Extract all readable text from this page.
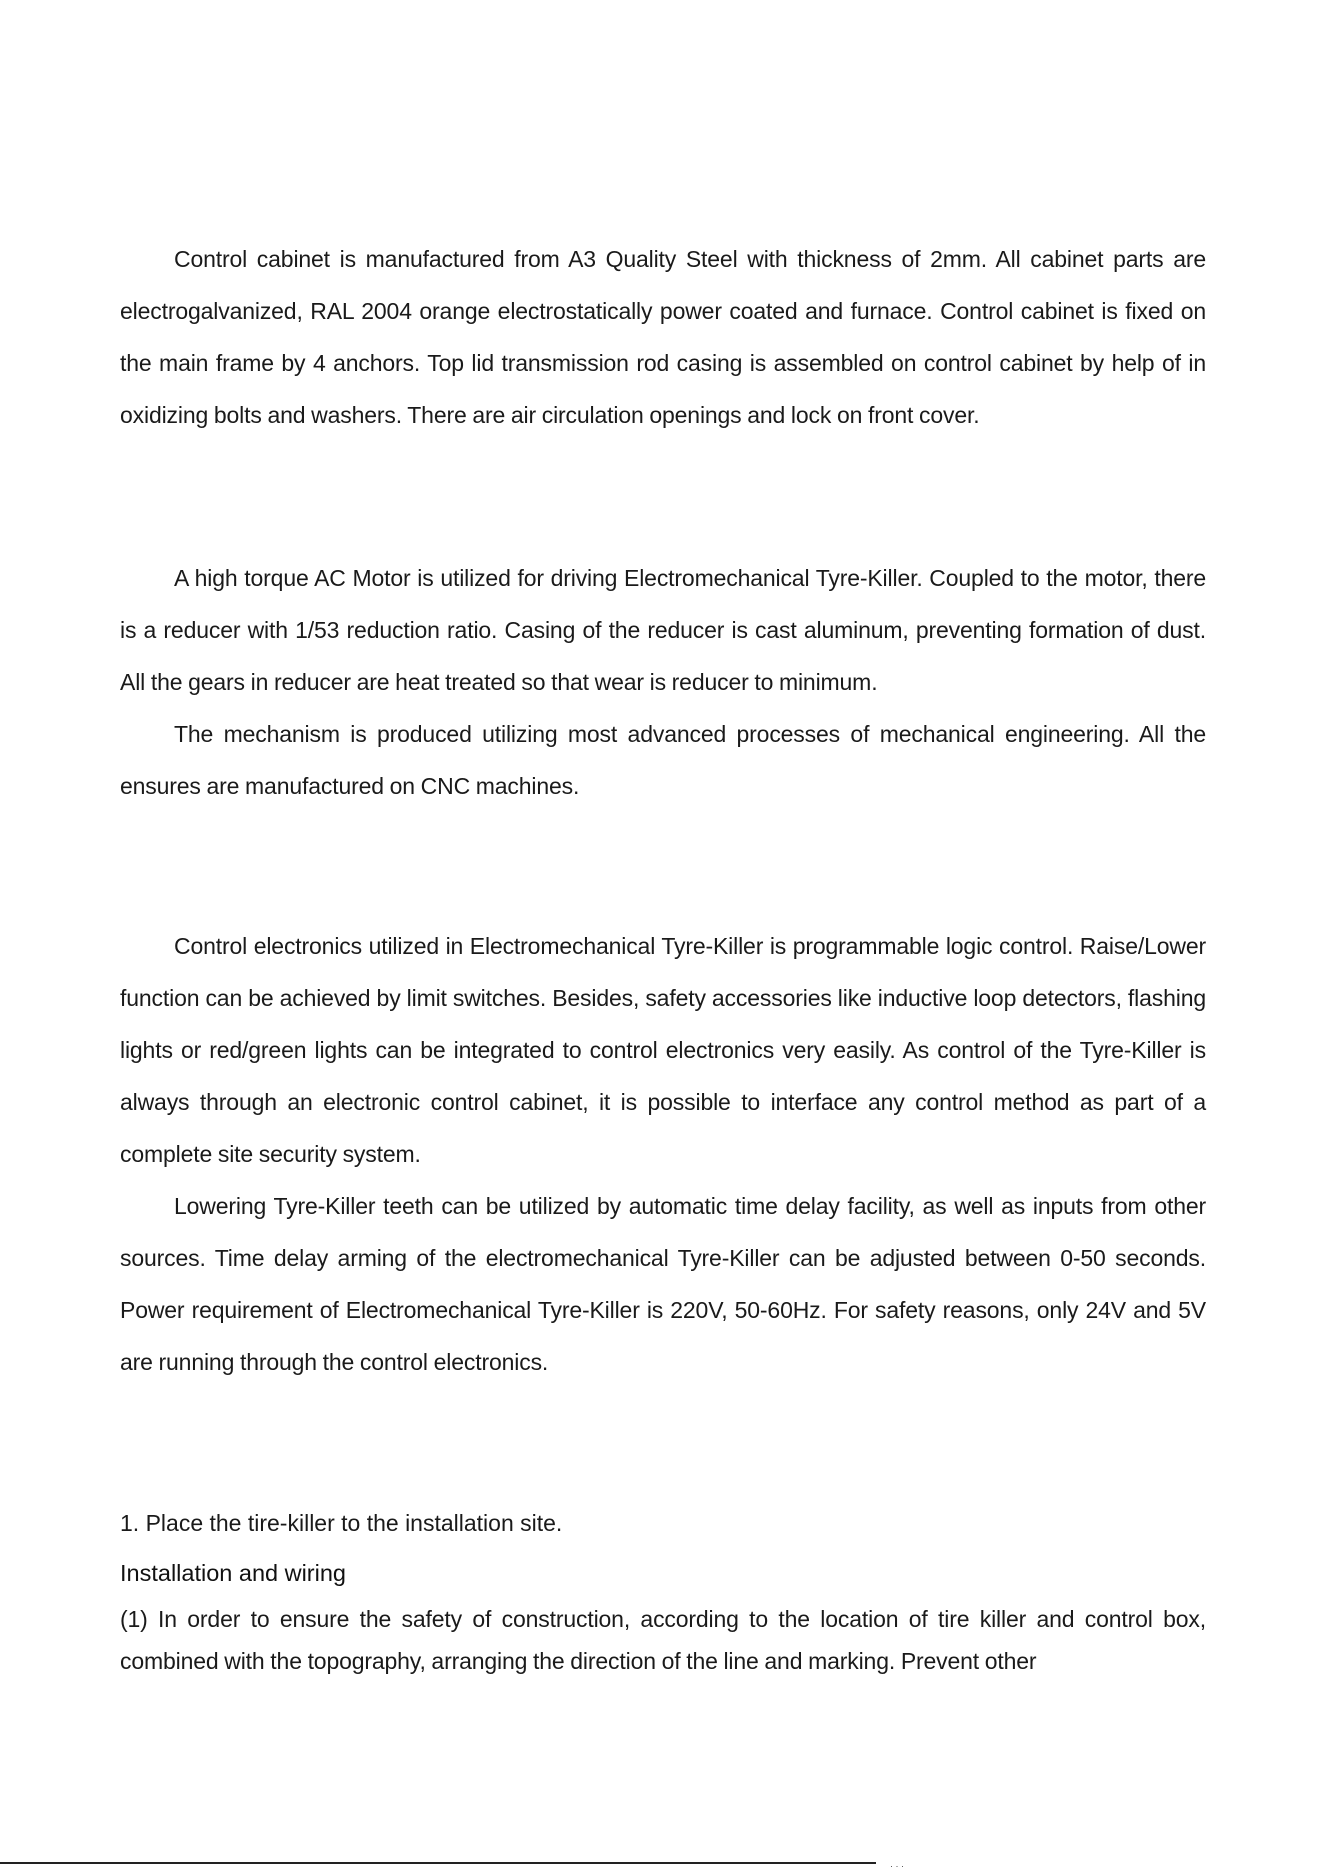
Control cabinet is manufactured from A3 Quality Steel with thickness of 2mm. All cabinet parts are electrogalvanized, RAL 2004 orange electrostatically power coated and furnace. Control cabinet is fixed on the main frame by 4 anchors. Top lid transmission rod casing is assembled on control cabinet by help of in oxidizing bolts and washers. There are air circulation openings and lock on front cover.

A high torque AC Motor is utilized for driving Electromechanical Tyre-Killer. Coupled to the motor, there is a reducer with 1/53 reduction ratio. Casing of the reducer is cast aluminum, preventing formation of dust. All the gears in reducer are heat treated so that wear is reducer to minimum.

The mechanism is produced utilizing most advanced processes of mechanical engineering. All the ensures are manufactured on CNC machines.

Control electronics utilized in Electromechanical Tyre-Killer is programmable logic control. Raise/Lower function can be achieved by limit switches. Besides, safety accessories like inductive loop detectors, flashing lights or red/green lights can be integrated to control electronics very easily. As control of the Tyre-Killer is always through an electronic control cabinet, it is possible to interface any control method as part of a complete site security system.

Lowering Tyre-Killer teeth can be utilized by automatic time delay facility, as well as inputs from other sources. Time delay arming of the electromechanical Tyre-Killer can be adjusted between 0-50 seconds. Power requirement of Electromechanical Tyre-Killer is 220V, 50-60Hz. For safety reasons, only 24V and 5V are running through the control electronics.

1. Place the tire-killer to the installation site.

Installation and wiring

(1) In order to ensure the safety of construction, according to the location of tire killer and control box, combined with the topography, arranging the direction of the line and marking. Prevent other

· · ·
